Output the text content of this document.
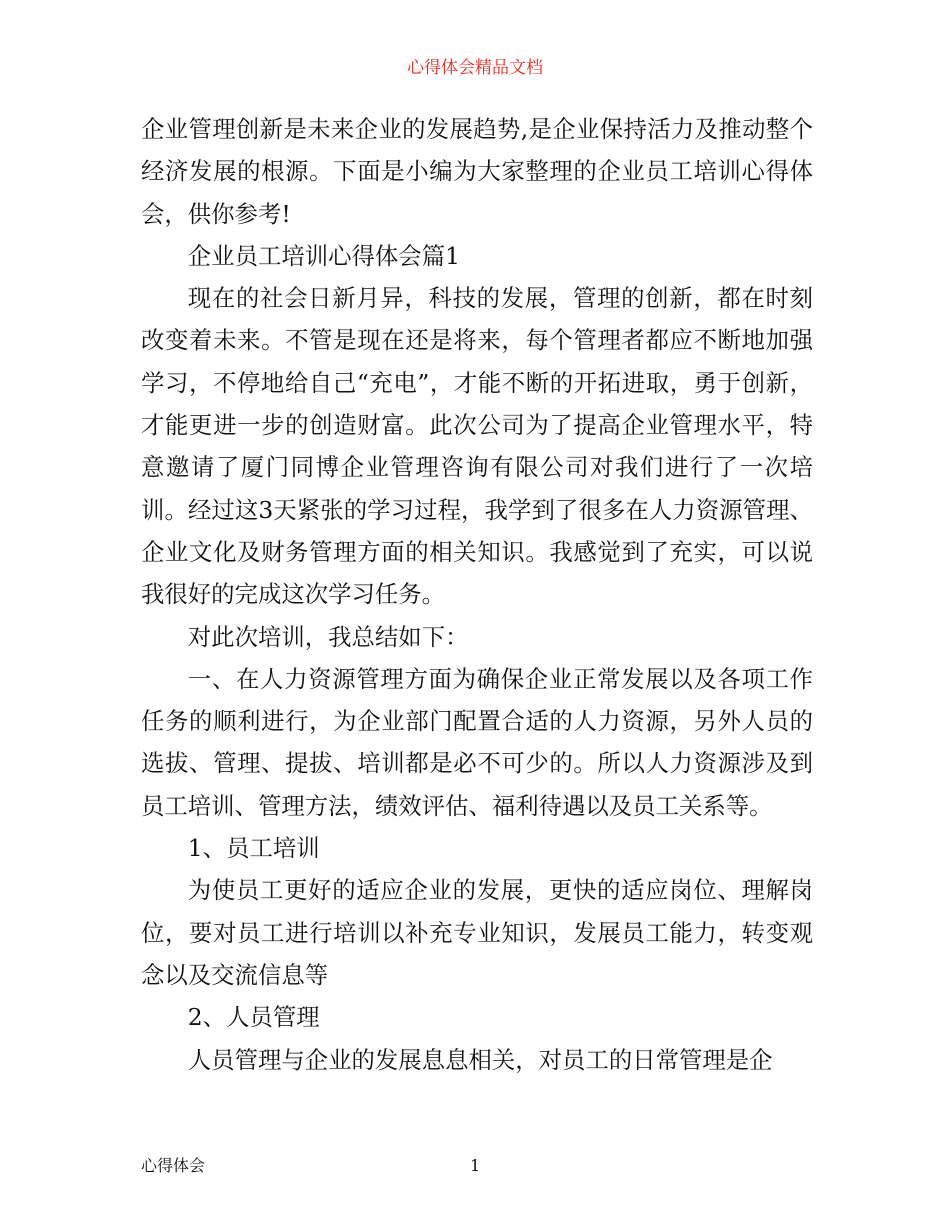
心得体会精品文档

企业管理创新是未来企业的发展趋势,是企业保持活力及推动整个经济发展的根源。下面是小编为大家整理的企业员工培训心得体会，供你参考!

企业员工培训心得体会篇1

现在的社会日新月异，科技的发展，管理的创新，都在时刻改变着未来。不管是现在还是将来，每个管理者都应不断地加强学习，不停地给自己“充电”，才能不断的开拓进取，勇于创新，才能更进一步的创造财富。此次公司为了提高企业管理水平，特意邀请了厦门同博企业管理咨询有限公司对我们进行了一次培训。经过这3天紧张的学习过程，我学到了很多在人力资源管理、企业文化及财务管理方面的相关知识。我感觉到了充实，可以说我很好的完成这次学习任务。

对此次培训，我总结如下：

一、在人力资源管理方面为确保企业正常发展以及各项工作任务的顺利进行，为企业部门配置合适的人力资源，另外人员的选拔、管理、提拔、培训都是必不可少的。所以人力资源涉及到员工培训、管理方法，绩效评估、福利待遇以及员工关系等。

1、员工培训

为使员工更好的适应企业的发展，更快的适应岗位、理解岗位，要对员工进行培训以补充专业知识，发展员工能力，转变观念以及交流信息等

2、人员管理

人员管理与企业的发展息息相关，对员工的日常管理是企

心得体会	1
